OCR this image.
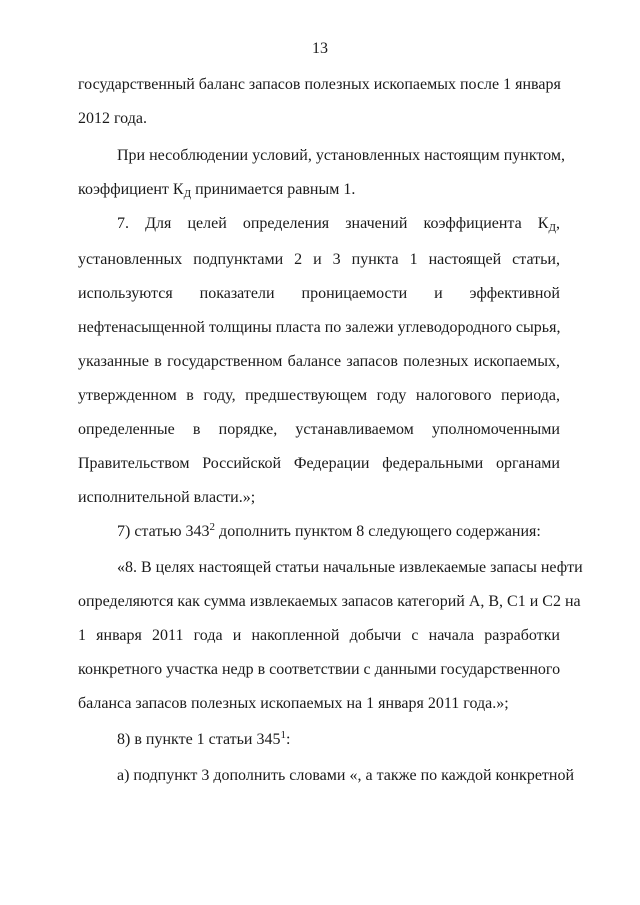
13
государственный баланс запасов полезных ископаемых после 1 января
2012 года.
При несоблюдении условий, установленных настоящим пунктом,
коэффициент КД принимается равным 1.
7. Для целей определения значений коэффициента КД,
установленных подпунктами 2 и 3 пункта 1 настоящей статьи,
используются показатели проницаемости и эффективной
нефтенасыщенной толщины пласта по залежи углеводородного сырья,
указанные в государственном балансе запасов полезных ископаемых,
утвержденном в году, предшествующем году налогового периода,
определенные в порядке, устанавливаемом уполномоченными
Правительством Российской Федерации федеральными органами
исполнительной власти.»;
7) статью $343^2$ дополнить пунктом 8 следующего содержания:
«8. В целях настоящей статьи начальные извлекаемые запасы нефти
определяются как сумма извлекаемых запасов категорий А, В, С1 и С2 на
1 января 2011 года и накопленной добычи с начала разработки
конкретного участка недр в соответствии с данными государственного
баланса запасов полезных ископаемых на 1 января 2011 года.»;
8) в пункте 1 статьи $345^1$:
а) подпункт 3 дополнить словами «, а также по каждой конкретной
